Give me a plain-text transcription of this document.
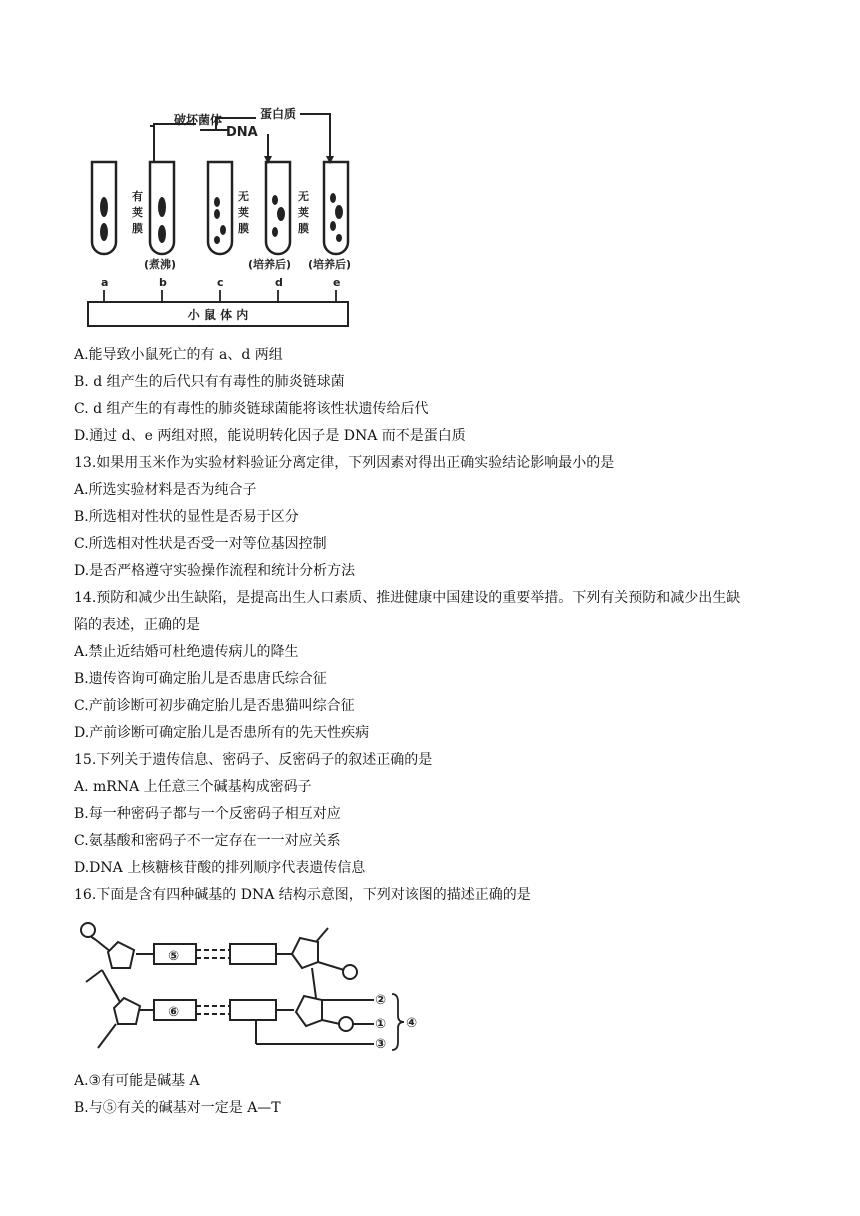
破坏菌体
DNA
蛋白质
有荚膜
无荚膜
无荚膜
(煮沸)	(培养后) (培养后)
a	b	c	d	e
小 鼠 体 内
A.能导致小鼠死亡的有 a、d 两组
B. d 组产生的后代只有有毒性的肺炎链球菌
C. d 组产生的有毒性的肺炎链球菌能将该性状遗传给后代
D.通过 d、e 两组对照，能说明转化因子是 DNA 而不是蛋白质
13.如果用玉米作为实验材料验证分离定律，下列因素对得出正确实验结论影响最小的是
A.所选实验材料是否为纯合子
B.所选相对性状的显性是否易于区分
C.所选相对性状是否受一对等位基因控制
D.是否严格遵守实验操作流程和统计分析方法
14.预防和减少出生缺陷，是提高出生人口素质、推进健康中国建设的重要举措。下列有关预防和减少出生缺
陷的表述，正确的是
A.禁止近结婚可杜绝遗传病儿的降生
B.遗传咨询可确定胎儿是否患唐氏综合征
C.产前诊断可初步确定胎儿是否患猫叫综合征
D.产前诊断可确定胎儿是否患所有的先天性疾病
15.下列关于遗传信息、密码子、反密码子的叙述正确的是
A. mRNA 上任意三个碱基构成密码子
B.每一种密码子都与一个反密码子相互对应
C.氨基酸和密码子不一定存在一一对应关系
D.DNA 上核糖核苷酸的排列顺序代表遗传信息
16.下面是含有四种碱基的 DNA 结构示意图，下列对该图的描述正确的是
⑤
⑥
②
①
③
④
A.③有可能是碱基 A
B.与⑤有关的碱基对一定是 A—T
